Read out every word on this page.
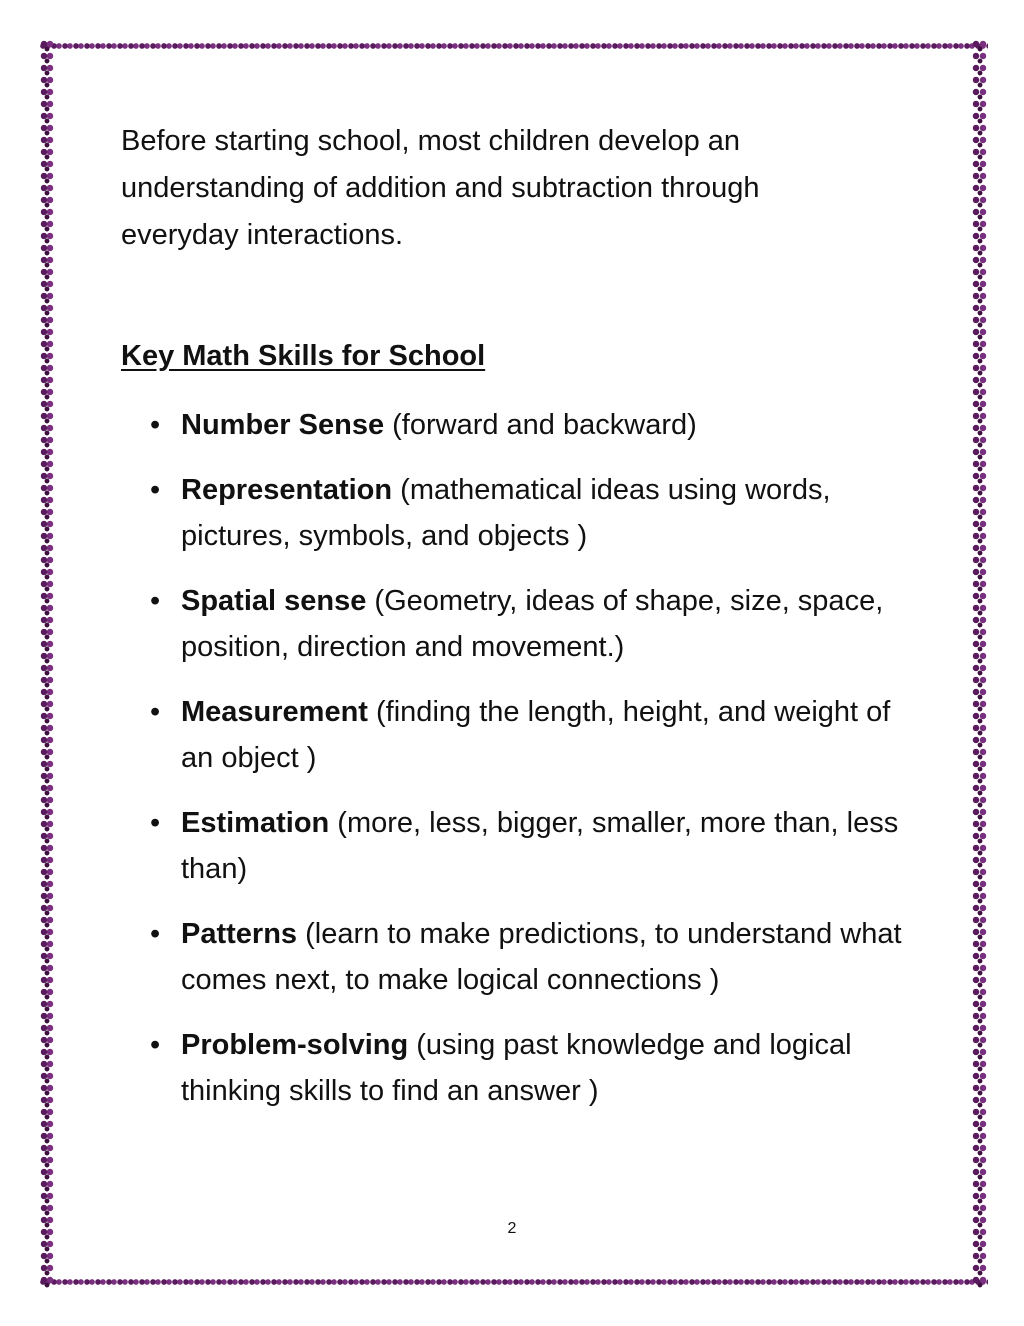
Before starting school, most children develop an understanding of addition and subtraction through everyday interactions.

Key Math Skills for School
• Number Sense (forward and backward)
• Representation (mathematical ideas using words, pictures, symbols, and objects )
• Spatial sense (Geometry, ideas of shape, size, space, position, direction and movement.)
• Measurement (finding the length, height, and weight of an object )
• Estimation (more, less, bigger, smaller, more than, less than)
• Patterns (learn to make predictions, to understand what comes next, to make logical connections )
• Problem-solving (using past knowledge and logical thinking skills to find an answer )
2
